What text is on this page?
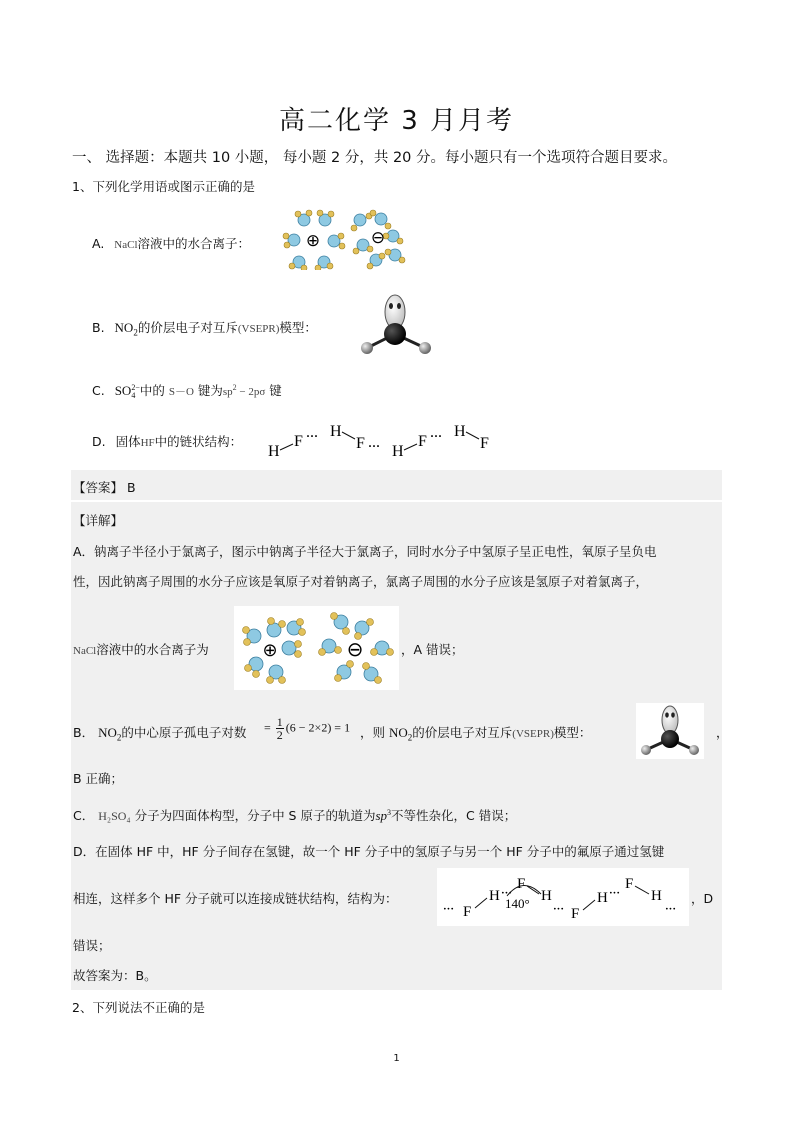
高二化学 3 月月考
一、 选择题：本题共 10 小题， 每小题 2 分，共 20 分。每小题只有一个选项符合题目要求。
1、下列化学用语或图示正确的是
A. NaCl溶液中的水合离子：	⊕	⊖
B. $NO_2$的价层电子对互斥(VSEPR)模型：
C. SO 2−
4 中的 S－O 键为$sp^2 - 2p\sigma$ 键
D. 固体HF中的链状结构：
H
F ··· H
F ··· H
F ··· H
F
【答案】 B
【详解】
A．钠离子半径小于氯离子，图示中钠离子半径大于氯离子，同时水分子中氢原子呈正电性，氧原子呈负电
性，因此钠离子周围的水分子应该是氧原子对着钠离子，氯离子周围的水分子应该是氢原子对着氯离子，
NaCl溶液中的水合离子为	⊕	⊖	，A 错误；
B． $NO_2$的中心原子孤电子对数 = $\frac{1}{2} (6 - 2\times 2) = 1$ ，则 $NO_2$的价层电子对互斥(VSEPR)模型：	，
B 正确；
C． H₂SO₄ 分子为四面体构型，分子中 S 原子的轨道为$sp^3$不等性杂化，C 错误；
D．在固体 HF 中，HF 分子间存在氢键，故一个 HF 分子中的氢原子与另一个 HF 分子中的氟原子通过氢键
相连，这样多个 HF 分子就可以连接成链状结构，结构为：
··· F
H ···
F
140° H
··· F
H ···
F
H
···
，D
错误；
故答案为：B。
2、下列说法不正确的是
1
